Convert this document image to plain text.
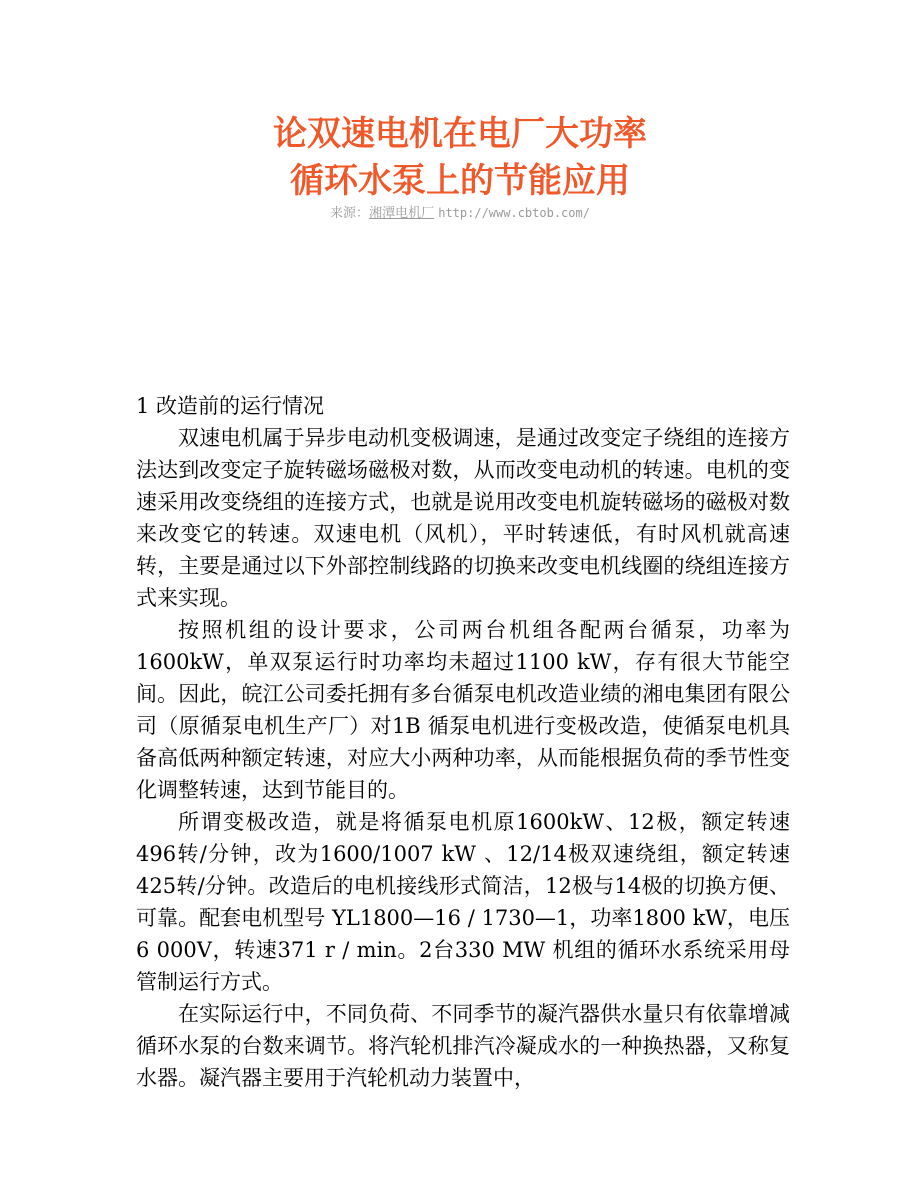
论双速电机在电厂大功率
循环水泵上的节能应用
来源：湘潭电机厂 http://www.cbtob.com/

1 改造前的运行情况

双速电机属于异步电动机变极调速，是通过改变定子绕组的连接方法达到改变定子旋转磁场磁极对数，从而改变电动机的转速。电机的变速采用改变绕组的连接方式，也就是说用改变电机旋转磁场的磁极对数来改变它的转速。双速电机（风机），平时转速低，有时风机就高速转，主要是通过以下外部控制线路的切换来改变电机线圈的绕组连接方式来实现。

按照机组的设计要求，公司两台机组各配两台循泵，功率为1600kW，单双泵运行时功率均未超过1100 kW，存有很大节能空间。因此，皖江公司委托拥有多台循泵电机改造业绩的湘电集团有限公司（原循泵电机生产厂）对1B 循泵电机进行变极改造，使循泵电机具备高低两种额定转速，对应大小两种功率，从而能根据负荷的季节性变化调整转速，达到节能目的。

所谓变极改造，就是将循泵电机原1600kW、12极，额定转速496转/分钟，改为1600/1007 kW 、12/14极双速绕组，额定转速425转/分钟。改造后的电机接线形式简洁，12极与14极的切换方便、可靠。配套电机型号 YL1800—16 / 1730—1，功率1800 kW，电压6 000V，转速371 r / min。2台330 MW 机组的循环水系统采用母管制运行方式。

在实际运行中，不同负荷、不同季节的凝汽器供水量只有依靠增减循环水泵的台数来调节。将汽轮机排汽冷凝成水的一种换热器，又称复水器。凝汽器主要用于汽轮机动力装置中，
